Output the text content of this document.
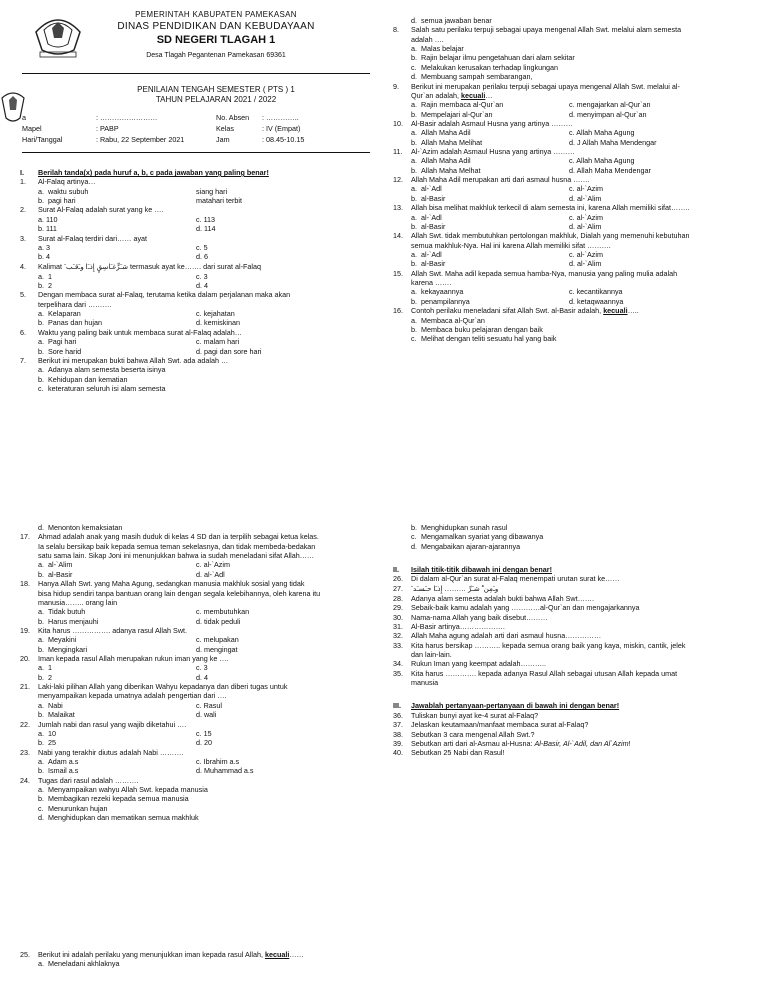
PEMERINTAH KABUPATEN PAMEKASAN
DINAS PENDIDIKAN DAN KEBUDAYAAN
SD NEGERI TLAGAH 1
Desa Tlagah Pegantenan Pamekasan 69361
PENILAIAN TENGAH SEMESTER ( PTS ) 1
TAHUN PELAJARAN 2021 / 2022
a	: ……………………	No. Absen : …………..
Mapel	: PABP	Kelas	: IV (Empat)
Hari/Tanggal	: Rabu, 22 September 2021	Jam	: 08.45-10.15
I. Berilah tanda(x) pada huruf a, b, c pada jawaban yang paling benar!
1. Al-Falaq artinya…
a. waktu subuh	siang hari
b. pagi hari	matahari terbit
2. Surat Al-Falaq adalah surat yang ke ….
a. 110	c. 113
b. 111	d. 114
3. Surat al-Falaq terdiri dari…… ayat
a. 3	c. 5
b. 4	d. 6
4. Kalimat ﺷﹷﺮٍّﻏﹷﺎﺳِﻖٍ ﺇِﺫﹷﺍ ﻭﹷﻗﹷﺐﹶ termasuk ayat ke……. dari surat al-Falaq
a. 1	c. 3
b. 2	d. 4
5. Dengan membaca surat al-Falaq, terutama ketika dalam perjalanan maka akan
terpelihara dari ……….
a. Kelaparan	c. kejahatan
b. Panas dan hujan	d. kemiskinan
6. Waktu yang paling baik untuk membaca surat al-Falaq adalah…
a. Pagi hari	c. malam hari
b. Sore harid	d. pagi dan sore hari
7. Berikut ini merupakan bukti bahwa Allah Swt. ada adalah …
a. Adanya alam semesta beserta isinya
b. Kehidupan dan kematian
c. keteraturan seluruh isi alam semesta
d. Menonton kemaksiatan
17. Ahmad adalah anak yang masih duduk di kelas 4 SD dan ia terpilih sebagai ketua kelas.
Ia selalu bersikap baik kepada semua teman sekelasnya, dan tidak membeda-bedakan
satu sama lain. Sikap Joni ini menunjukkan bahwa ia sudah meneladani sifat Allah……
a. al-`Alim	c. al-`Azim
b. al-Basir	d. al-`Adl
18. Hanya Allah Swt. yang Maha Agung, sedangkan manusia makhluk sosial yang tidak
bisa hidup sendiri tanpa bantuan orang lain dengan segala kelebihannya, oleh karena itu
manusia…….. orang lain
a. Tidak butuh	c. membutuhkan
b. Harus menjauhi	d. tidak peduli
19. Kita harus ……………. adanya rasul Allah Swt.
a. Meyakini	c. melupakan
b. Mengingkari	d. mengingat
20. Iman kepada rasul Allah merupakan rukun iman yang ke ….
a. 1	c. 3
b. 2	d. 4
21. Laki-laki pilihan Allah yang diberikan Wahyu kepadanya dan diberi tugas untuk
menyampaikan kepada umatnya adalah pengertian dari ….
a. Nabi	c. Rasul
b. Malaikat	d. wali
22. Jumlah nabi dan rasul yang wajib diketahui ….
a. 10	c. 15
b. 25	d. 20
23. Nabi yang terakhir diutus adalah Nabi ……….
a. Adam a.s	c. Ibrahim a.s
b. Ismail a.s	d. Muhammad a.s
24. Tugas dari rasul adalah ……….
a. Menyampaikan wahyu Allah Swt. kepada manusia
b. Membagikan rezeki kepada semua manusia
c. Menurunkan hujan
d. Menghidupkan dan mematikan semua makhluk
25. Berikut ini adalah perilaku yang menunjukkan iman kepada rasul Allah, kecuali……
a. Meneladani akhlaknya
d. semua jawaban benar
8. Salah satu perilaku terpuji sebagai upaya mengenal Allah Swt. melalui alam semesta
adalah ….
a. Malas belajar
b. Rajin belajar ilmu pengetahuan dari alam sekitar
c. Melakukan kerusakan terhadap lingkungan
d. Membuang sampah sembarangan,
9. Berikut ini merupakan perilaku terpuji sebagai upaya mengenal Allah Swt. melalui al-
Qur`an adalah, kecuali…
a. Rajin membaca al-Qur`an	c. mengajarkan al-Qur`an
b. Mempelajari al-Qur`an	d. menyimpan al-Qur`an
10. Al-Basir adalah Asmaul Husna yang artinya ………
a. Allah Maha Adil	c. Allah Maha Agung
b. Allah Maha Melihat	d. J Allah Maha Mendengar
11. Al-`Azim adalah Asmaul Husna yang artinya ………
a. Allah Maha Adil	c. Allah Maha Agung
b. Allah Maha Melhat	d. Allah Maha Mendengar
12. Allah Maha Adil merupakan arti dari asmaul husna …….
a. al-`Adl	c. al-`Azim
b. al-Basir	d. al-`Alim
13. Allah bisa melihat makhluk terkecil di alam semesta ini, karena Allah memiliki sifat……..
a. al-`Adl	c. al-`Azim
b. al-Basir	d. al-`Alim
14. Allah Swt. tidak membutuhkan pertolongan makhluk, Dialah yang memenuhi kebutuhan
semua makhluk-Nya. Hal ini karena Allah memiliki sifat ……….
a. al-`Adl	c. al-`Azim
b. al-Basir	d. al-`Alim
15. Allah Swt. Maha adil kepada semua hamba-Nya, manusia yang paling mulia adalah
karena …….
a. kekayaannya	c. kecantikannya
b. penampilannya	d. ketaqwaannya
16. Contoh perilaku meneladani sifat Allah Swt. al-Basir adalah, kecuali…..
a. Membaca al-Qur`an
b. Membaca buku pelajaran dengan baik
c. Melihat dengan teliti sesuatu hal yang baik
b. Menghidupkan sunah rasul
c. Mengamalkan syariat yang dibawanya
d. Mengabaikan ajaran-ajarannya
II. Isilah titik-titik dibawah ini dengan benar!
26. Di dalam al-Qur`an surat al-Falaq menempati urutan surat ke……
27.	ﻭﹷﻣِﻦﹾ ﺷﹷﺮِّ ……… ﺇِﺫﹷﺍ ﺣﹷﺴﹷﺪﹶ
28. Adanya alam semesta adalah bukti bahwa Allah Swt…….
29. Sebaik-baik kamu adalah yang …………al-Qur`an dan mengajarkannya
30. Nama-nama Allah yang baik disebut………
31. Al-Basir artinya……………….
32. Allah Maha agung adalah arti dari asmaul husna……………
33. Kita harus bersikap ……….. kepada semua orang baik yang kaya, miskin, cantik, jelek
dan lain-lain.
34. Rukun Iman yang keempat adalah………..
35. Kita harus …………. kepada adanya Rasul Allah sebagai utusan Allah kepada umat
manusia
III. Jawablah pertanyaan-pertanyaan di bawah ini dengan benar!
36. Tuliskan bunyi ayat ke-4 surat al-Falaq?
37. Jelaskan keutamaan/manfaat membaca surat al-Falaq?
38. Sebutkan 3 cara mengenal Allah Swt.?
39. Sebutkan arti dari al-Asmau al-Husna: Al-Basir, Al-`Adil, dan Al`Azim!
40. Sebutkan 25 Nabi dan Rasul!
